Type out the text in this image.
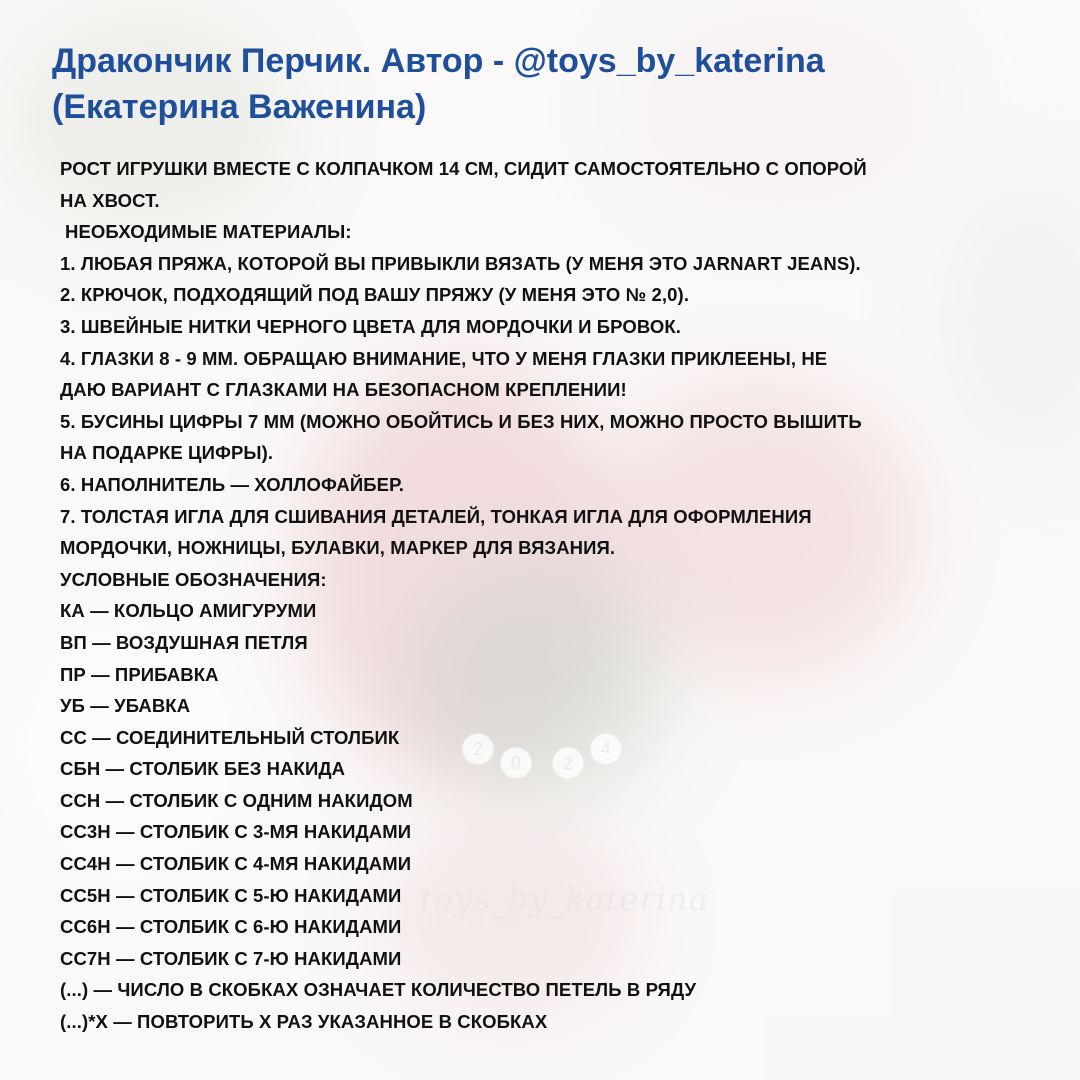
Дракончик Перчик. Автор - @toys_by_katerina
(Екатерина Важенина)
РОСТ ИГРУШКИ ВМЕСТЕ С КОЛПАЧКОМ 14 СМ, СИДИТ САМОСТОЯТЕЛЬНО С ОПОРОЙ
НА ХВОСТ.
НЕОБХОДИМЫЕ МАТЕРИАЛЫ:
1. ЛЮБАЯ ПРЯЖА, КОТОРОЙ ВЫ ПРИВЫКЛИ ВЯЗАТЬ (У МЕНЯ ЭТО JARNART JEANS).
2. КРЮЧОК, ПОДХОДЯЩИЙ ПОД ВАШУ ПРЯЖУ (У МЕНЯ ЭТО № 2,0).
3. ШВЕЙНЫЕ НИТКИ ЧЕРНОГО ЦВЕТА ДЛЯ МОРДОЧКИ И БРОВОК.
4. ГЛАЗКИ 8 - 9 ММ. ОБРАЩАЮ ВНИМАНИЕ, ЧТО У МЕНЯ ГЛАЗКИ ПРИКЛЕЕНЫ, НЕ
ДАЮ ВАРИАНТ С ГЛАЗКАМИ НА БЕЗОПАСНОМ КРЕПЛЕНИИ!
5. БУСИНЫ ЦИФРЫ 7 ММ (МОЖНО ОБОЙТИСЬ И БЕЗ НИХ, МОЖНО ПРОСТО ВЫШИТЬ
НА ПОДАРКЕ ЦИФРЫ).
6. НАПОЛНИТЕЛЬ — ХОЛЛОФАЙБЕР.
7. ТОЛСТАЯ ИГЛА ДЛЯ СШИВАНИЯ ДЕТАЛЕЙ, ТОНКАЯ ИГЛА ДЛЯ ОФОРМЛЕНИЯ
МОРДОЧКИ, НОЖНИЦЫ, БУЛАВКИ, МАРКЕР ДЛЯ ВЯЗАНИЯ.
УСЛОВНЫЕ ОБОЗНАЧЕНИЯ:
КА — КОЛЬЦО АМИГУРУМИ
ВП — ВОЗДУШНАЯ ПЕТЛЯ
ПР — ПРИБАВКА
УБ — УБАВКА
СС — СОЕДИНИТЕЛЬНЫЙ СТОЛБИК
СБН — СТОЛБИК БЕЗ НАКИДА
ССН — СТОЛБИК С ОДНИМ НАКИДОМ
СС3Н — СТОЛБИК С 3-МЯ НАКИДАМИ
СС4Н — СТОЛБИК С 4-МЯ НАКИДАМИ
СС5Н — СТОЛБИК С 5-Ю НАКИДАМИ
СС6Н — СТОЛБИК С 6-Ю НАКИДАМИ
СС7Н — СТОЛБИК С 7-Ю НАКИДАМИ
(...) — ЧИСЛО В СКОБКАХ ОЗНАЧАЕТ КОЛИЧЕСТВО ПЕТЕЛЬ В РЯДУ
(...)*Х — ПОВТОРИТЬ Х РАЗ УКАЗАННОЕ В СКОБКАХ
